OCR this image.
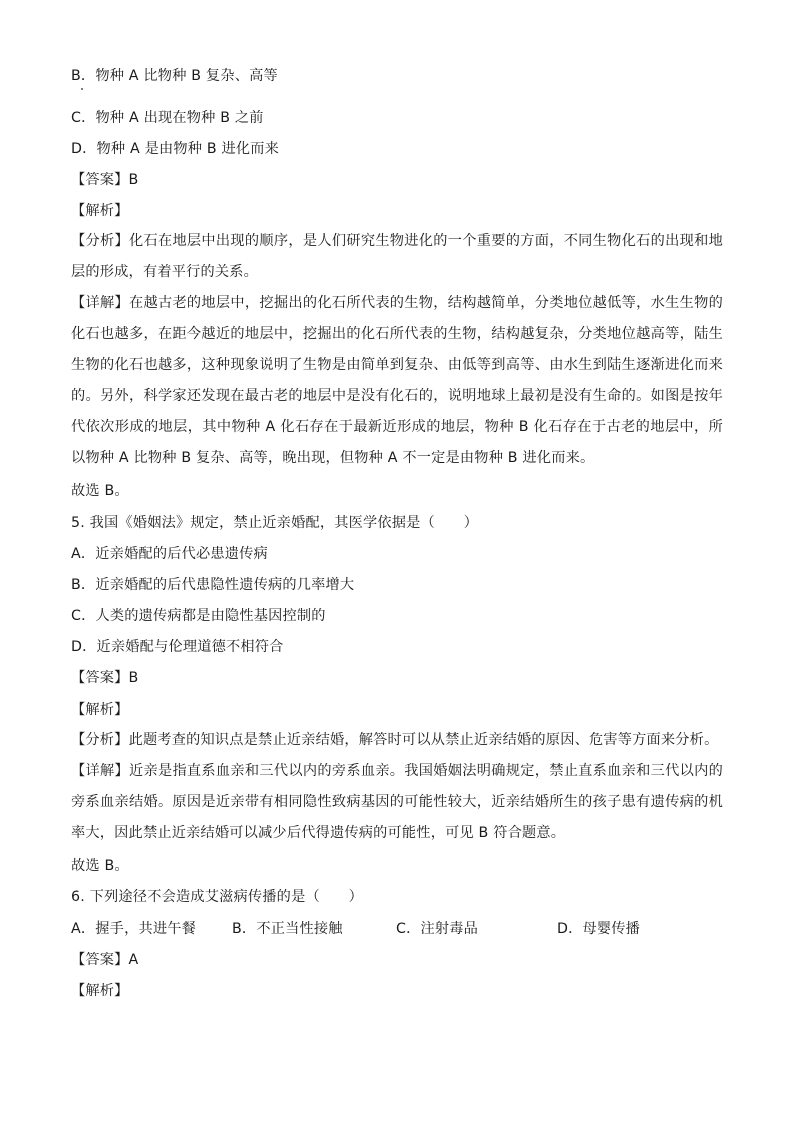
B．物种 A 比物种 B 复杂、高等
C．物种 A 出现在物种 B 之前
D．物种 A 是由物种 B 进化而来
【答案】B
【解析】
【分析】化石在地层中出现的顺序，是人们研究生物进化的一个重要的方面，不同生物化石的出现和地层的形成，有着平行的关系。
【详解】在越古老的地层中，挖掘出的化石所代表的生物，结构越简单，分类地位越低等，水生生物的化石也越多，在距今越近的地层中，挖掘出的化石所代表的生物，结构越复杂，分类地位越高等，陆生生物的化石也越多，这种现象说明了生物是由简单到复杂、由低等到高等、由水生到陆生逐渐进化而来的。另外，科学家还发现在最古老的地层中是没有化石的，说明地球上最初是没有生命的。如图是按年代依次形成的地层，其中物种 A 化石存在于最新近形成的地层，物种 B 化石存在于古老的地层中，所以物种 A 比物种 B 复杂、高等，晚出现，但物种 A 不一定是由物种 B 进化而来。
故选 B。
5. 我国《婚姻法》规定，禁止近亲婚配，其医学依据是（　　）
A．近亲婚配的后代必患遗传病
B．近亲婚配的后代患隐性遗传病的几率增大
C．人类的遗传病都是由隐性基因控制的
D．近亲婚配与伦理道德不相符合
【答案】B
【解析】
【分析】此题考查的知识点是禁止近亲结婚，解答时可以从禁止近亲结婚的原因、危害等方面来分析。
【详解】近亲是指直系血亲和三代以内的旁系血亲。我国婚姻法明确规定，禁止直系血亲和三代以内的旁系血亲结婚。原因是近亲带有相同隐性致病基因的可能性较大，近亲结婚所生的孩子患有遗传病的机率大，因此禁止近亲结婚可以减少后代得遗传病的可能性，可见 B 符合题意。
故选 B。
6. 下列途径不会造成艾滋病传播的是（　　）
A．握手，共进午餐	B．不正当性接触	C．注射毒品	D．母婴传播
【答案】A
【解析】
